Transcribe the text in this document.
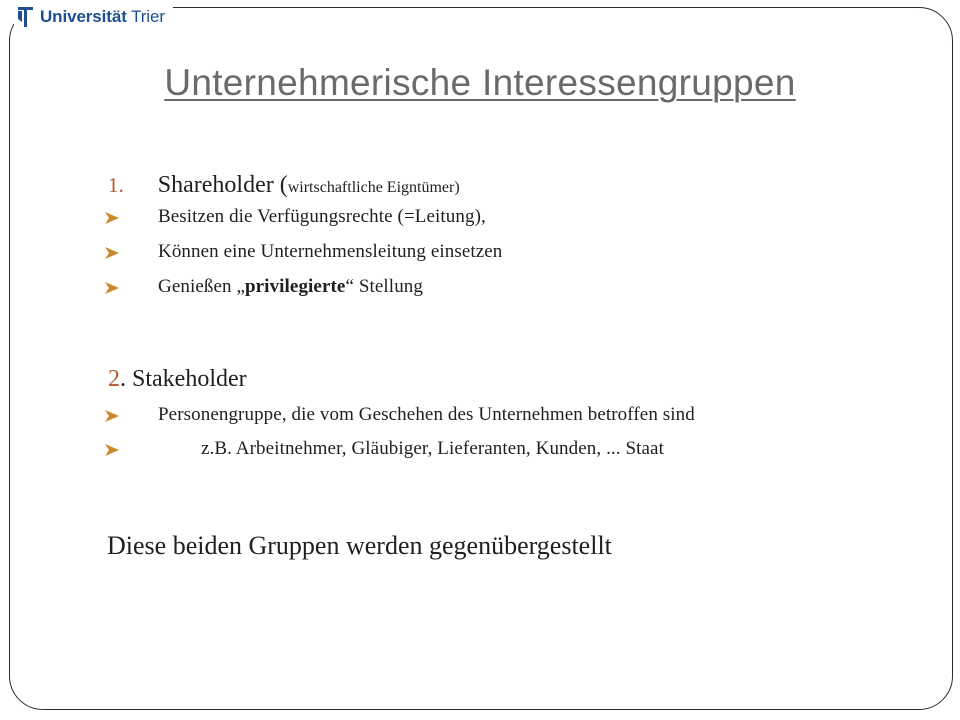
Universität Trier
Unternehmerische Interessengruppen
1. Shareholder ( wirtschaftliche Eigntümer)
Besitzen die Verfügungsrechte (=Leitung),
Können eine Unternehmensleitung einsetzen
Genießen „ privilegierte “ Stellung
2 . Stakeholder
Personengruppe, die vom Geschehen des Unternehmen betroffen sind
z.B. Arbeitnehmer, Gläubiger, Lieferanten, Kunden, ... Staat
Diese beiden Gruppen werden gegenübergestellt
